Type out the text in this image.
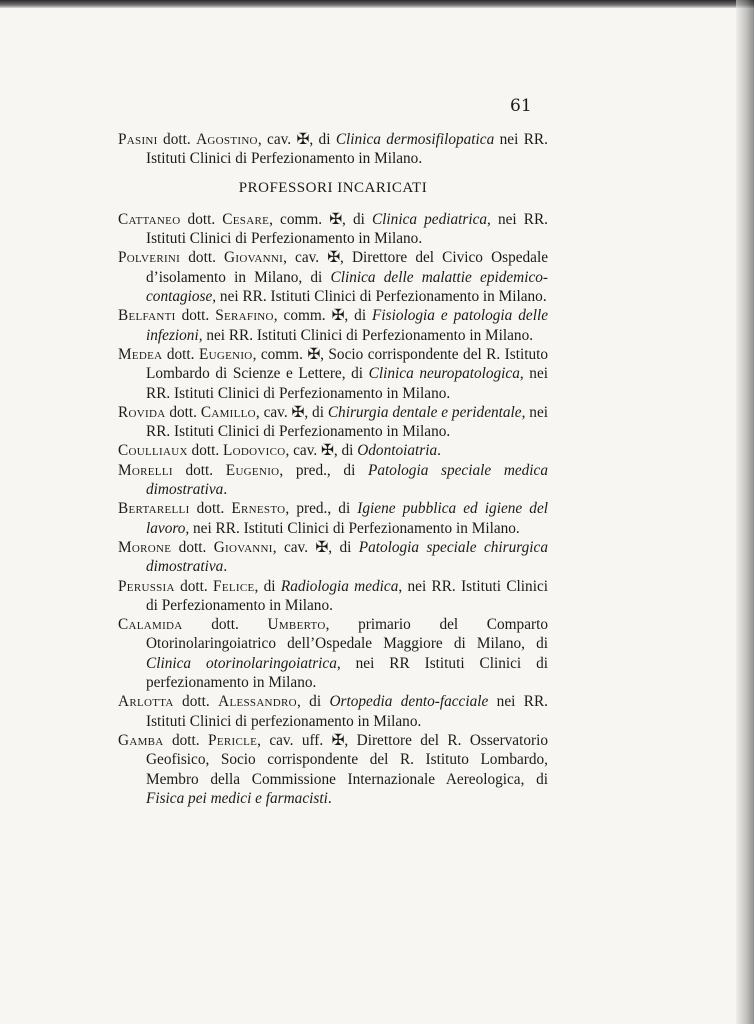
61

Pasini dott. Agostino, cav. ✠, di Clinica dermosifilopatica nei RR. Istituti Clinici di Perfezionamento in Milano.

PROFESSORI INCARICATI

Cattaneo dott. Cesare, comm. ✠, di Clinica pediatrica, nei RR. Istituti Clinici di Perfezionamento in Milano.

Polverini dott. Giovanni, cav. ✠, Direttore del Civico Ospedale d’isolamento in Milano, di Clinica delle malattie epidemico-contagiose, nei RR. Istituti Clinici di Perfezionamento in Milano.

Belfanti dott. Serafino, comm. ✠, di Fisiologia e patologia delle infezioni, nei RR. Istituti Clinici di Perfezionamento in Milano.

Medea dott. Eugenio, comm. ✠, Socio corrispondente del R. Istituto Lombardo di Scienze e Lettere, di Clinica neuropatologica, nei RR. Istituti Clinici di Perfezionamento in Milano.

Rovida dott. Camillo, cav. ✠, di Chirurgia dentale e peridentale, nei RR. Istituti Clinici di Perfezionamento in Milano.

Coulliaux dott. Lodovico, cav. ✠, di Odontoiatria.

Morelli dott. Eugenio, pred., di Patologia speciale medica dimostrativa.

Bertarelli dott. Ernesto, pred., di Igiene pubblica ed igiene del lavoro, nei RR. Istituti Clinici di Perfezionamento in Milano.

Morone dott. Giovanni, cav. ✠, di Patologia speciale chirurgica dimostrativa.

Perussia dott. Felice, di Radiologia medica, nei RR. Istituti Clinici di Perfezionamento in Milano.

Calamida dott. Umberto, primario del Comparto Otorinolaringoiatrico dell’Ospedale Maggiore di Milano, di Clinica otorinolaringoiatrica, nei RR Istituti Clinici di perfezionamento in Milano.

Arlotta dott. Alessandro, di Ortopedia dento-facciale nei RR. Istituti Clinici di perfezionamento in Milano.

Gamba dott. Pericle, cav. uff. ✠, Direttore del R. Osservatorio Geofisico, Socio corrispondente del R. Istituto Lombardo, Membro della Commissione Internazionale Aereologica, di Fisica pei medici e farmacisti.
